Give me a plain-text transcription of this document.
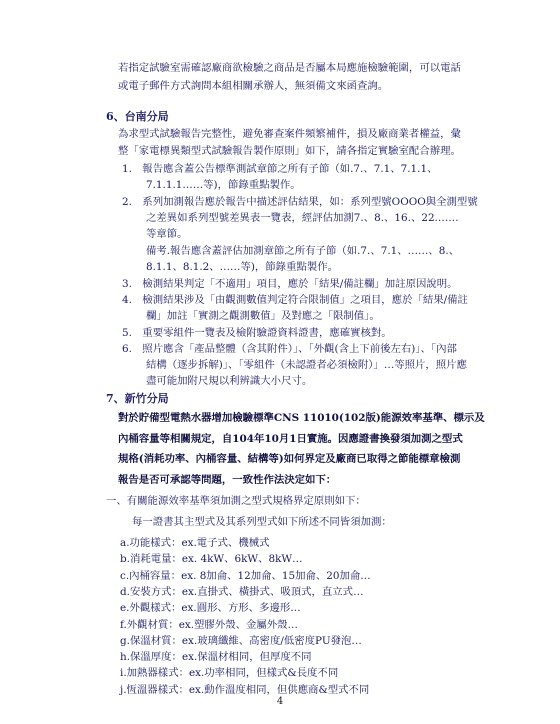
若指定試驗室需確認廠商欲檢驗之商品是否屬本局應施檢驗範圍，可以電話
或電子郵件方式詢問本組相關承辦人，無須備文來函查詢。
6、台南分局
為求型式試驗報告完整性，避免審查案件頻繁補件，損及廠商業者權益，彙
整「家電標異類型式試驗報告製作原則」如下，請各指定實驗室配合辦理。
1.　報告應含蓋公告標準測試章節之所有子節（如.7.、7.1、7.1.1、
7.1.1.1……等)，節錄重點製作。
2.　系列加測報告應於報告中描述評估結果，如：系列型號OOOO與全測型號
之差異如系列型號差異表一覽表，經評估加測7.、8.、16.、22.……
等章節。
備考.報告應含蓋評估加測章節之所有子節（如.7.、7.1、……、8.、
8.1.1、8.1.2、……等)，節錄重點製作。
3.　檢測結果判定「不適用」項目，應於「結果/備註欄」加註原因說明。
4.　檢測結果涉及「由觀測數值判定符合限制值」之項目，應於「結果/備註
欄」加註「實測之觀測數值」及對應之「限制值」。
5.　重要零組件一覽表及檢附驗證資料證書，應確實核對。
6.　照片應含「產品整體（含其附件）」、「外觀(含上下前後左右)」、「內部
結構（逐步拆解)」、「零組件（未認證者必須檢附）」…等照片，照片應
盡可能加附尺規以利辨識大小尺寸。
7、新竹分局
對於貯備型電熱水器增加檢驗標準CNS 11010(102版)能源效率基準、標示及
內桶容量等相關規定，自104年10月1日實施。因應證書換發須加測之型式
規格(消耗功率、內桶容量、結構等)如何界定及廠商已取得之節能標章檢測
報告是否可承認等問題，一致性作法決定如下：
一、有關能源效率基準須加測之型式規格界定原則如下：
每一證書其主型式及其系列型式如下所述不同皆須加測：
a.功能樣式：ex.電子式、機械式
b.消耗電量：ex. 4kW、6kW、8kW…
c.內桶容量：ex. 8加侖、12加侖、15加侖、20加侖…
d.安裝方式：ex.直掛式、橫掛式、吸頂式，直立式…
e.外觀樣式：ex.圓形、方形、多邊形…
f.外觀材質：ex.塑膠外殼、金屬外殼…
g.保溫材質：ex.玻璃纖維、高密度/低密度PU發泡…
h.保溫厚度：ex.保溫材相同，但厚度不同
i.加熱器樣式：ex.功率相同，但樣式&長度不同
j.恆溫器樣式：ex.動作溫度相同，但供應商&型式不同
4
